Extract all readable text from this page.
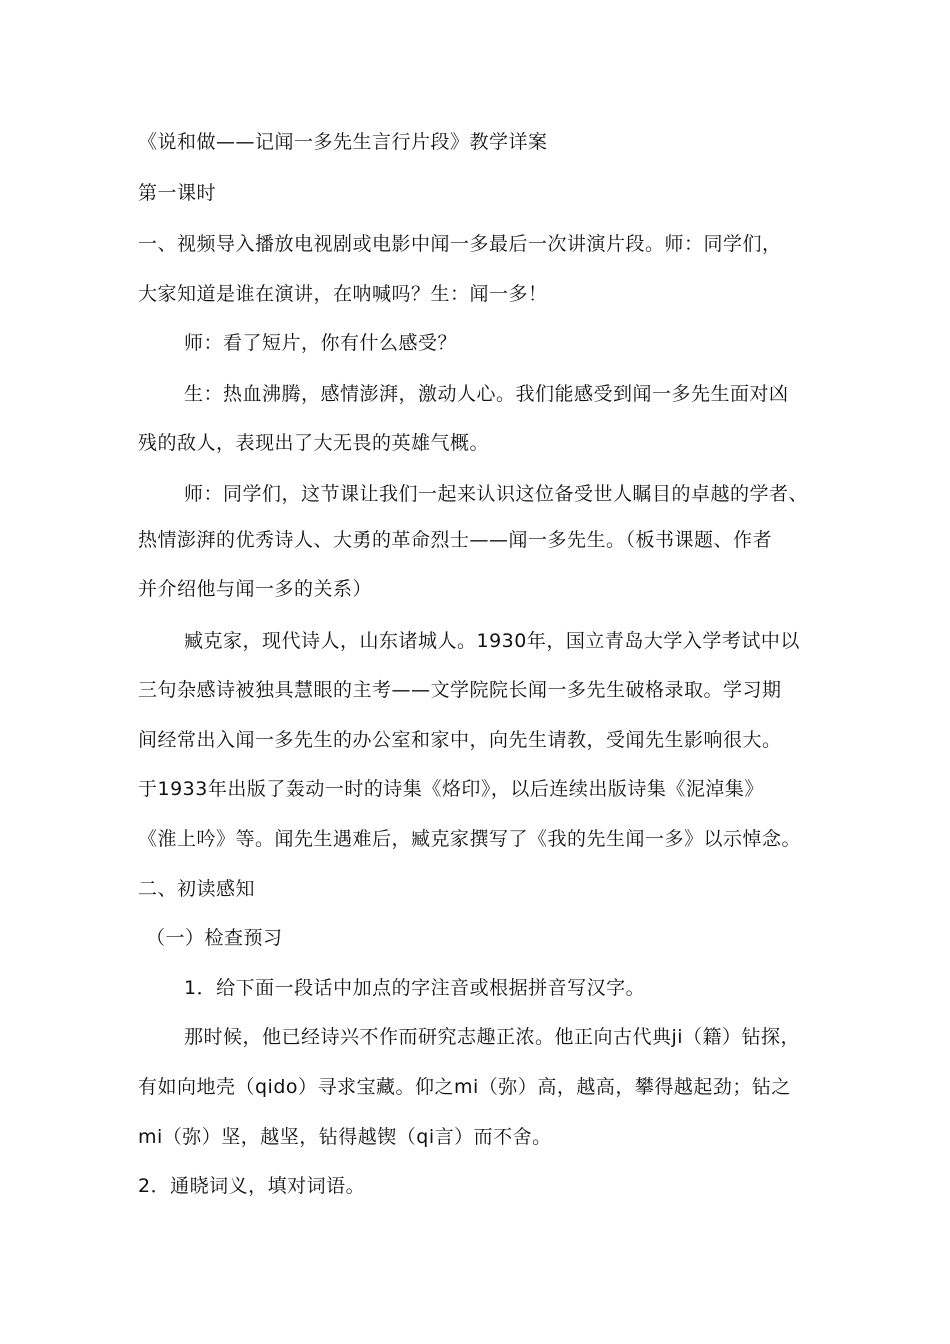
《说和做——记闻一多先生言行片段》教学详案
第一课时
一、视频导入播放电视剧或电影中闻一多最后一次讲演片段。师：同学们，
大家知道是谁在演讲，在呐喊吗？生：闻一多！
师：看了短片，你有什么感受？
生：热血沸腾，感情澎湃，激动人心。我们能感受到闻一多先生面对凶
残的敌人，表现出了大无畏的英雄气概。
师：同学们，这节课让我们一起来认识这位备受世人瞩目的卓越的学者、
热情澎湃的优秀诗人、大勇的革命烈士——闻一多先生。（板书课题、作者
并介绍他与闻一多的关系）
臧克家，现代诗人，山东诸城人。1930年，国立青岛大学入学考试中以
三句杂感诗被独具慧眼的主考——文学院院长闻一多先生破格录取。学习期
间经常出入闻一多先生的办公室和家中，向先生请教，受闻先生影响很大。
于1933年出版了轰动一时的诗集《烙印》，以后连续出版诗集《泥淖集》
《淮上吟》等。闻先生遇难后，臧克家撰写了《我的先生闻一多》以示悼念。
二、初读感知
（一）检查预习
1．给下面一段话中加点的字注音或根据拼音写汉字。
那时候，他已经诗兴不作而研究志趣正浓。他正向古代典ji（籍）钻探，
有如向地壳（qido）寻求宝藏。仰之mi（弥）高，越高，攀得越起劲；钻之
mi（弥）坚，越坚，钻得越锲（qi言）而不舍。
2．通晓词义，填对词语。
